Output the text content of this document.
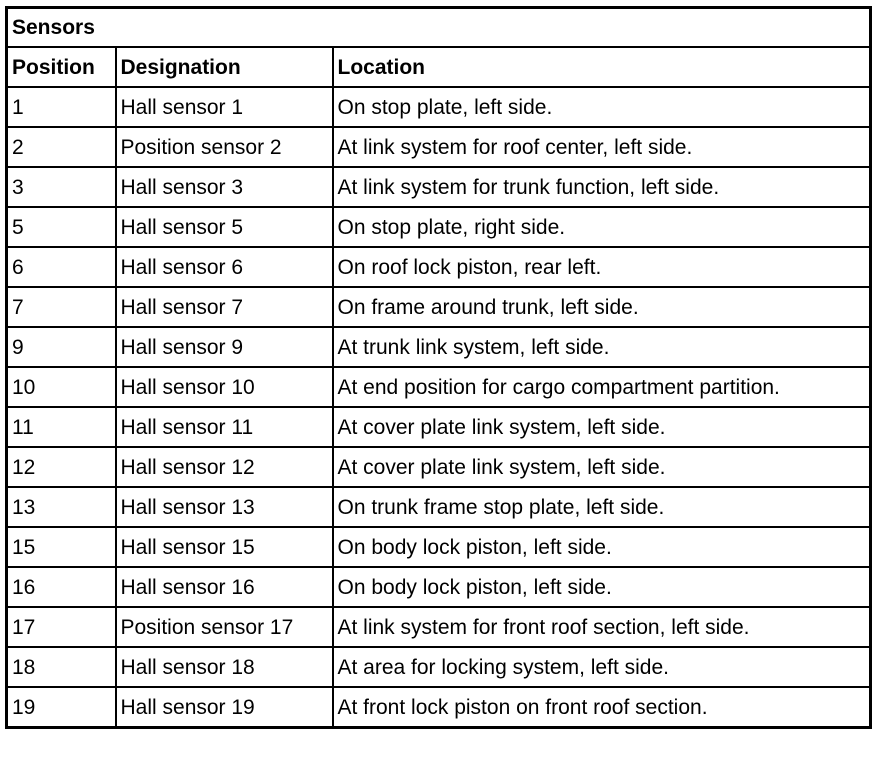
Sensors		
Position	Designation	Location
1	Hall sensor 1	On stop plate, left side.
2	Position sensor 2	At link system for roof center, left side.
3	Hall sensor 3	At link system for trunk function, left side.
5	Hall sensor 5	On stop plate, right side.
6	Hall sensor 6	On roof lock piston, rear left.
7	Hall sensor 7	On frame around trunk, left side.
9	Hall sensor 9	At trunk link system, left side.
10	Hall sensor 10	At end position for cargo compartment partition.
11	Hall sensor 11	At cover plate link system, left side.
12	Hall sensor 12	At cover plate link system, left side.
13	Hall sensor 13	On trunk frame stop plate, left side.
15	Hall sensor 15	On body lock piston, left side.
16	Hall sensor 16	On body lock piston, left side.
17	Position sensor 17	At link system for front roof section, left side.
18	Hall sensor 18	At area for locking system, left side.
19	Hall sensor 19	At front lock piston on front roof section.
